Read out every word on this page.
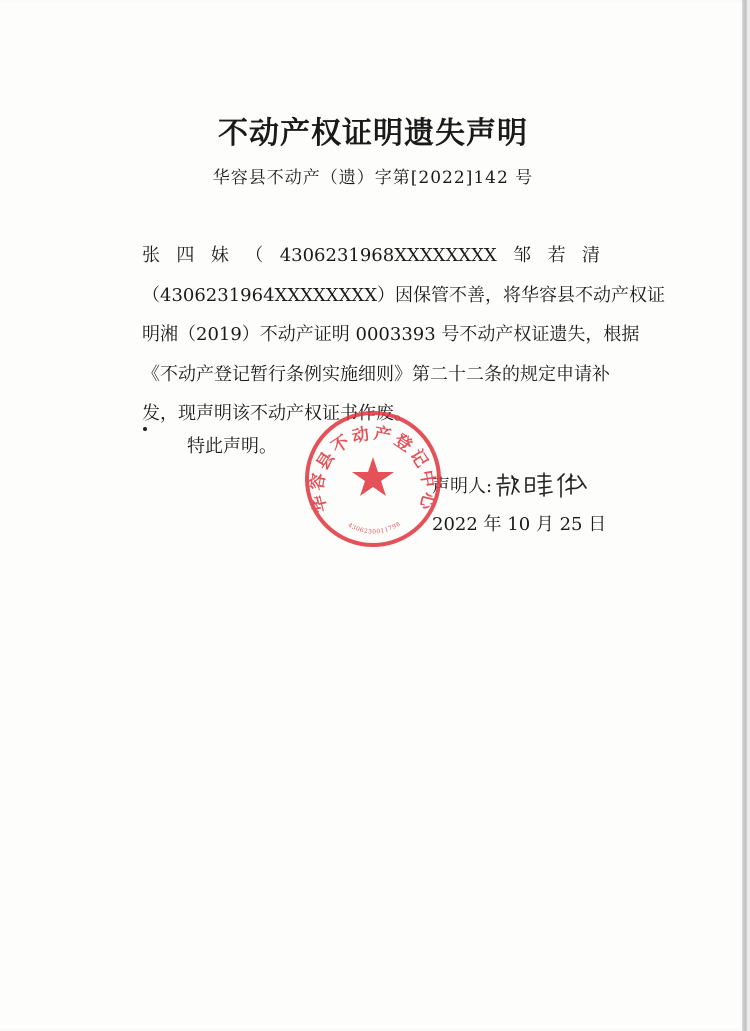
不动产权证明遗失声明
华容县不动产（遗）字第[2022]142 号
张 四 妹 （ 4306231968XXXXXXXX 邹 若 清
（4306231964XXXXXXXX）因保管不善，将华容县不动产权证
明湘（2019）不动产证明 0003393 号不动产权证遗失，根据
《不动产登记暂行条例实施细则》第二十二条的规定申请补
发，现声明该不动产权证书作废。
特此声明。
声明人:
郭晓松
2022 年 10 月 25 日
华容县不动产登记中心
4306230011798
